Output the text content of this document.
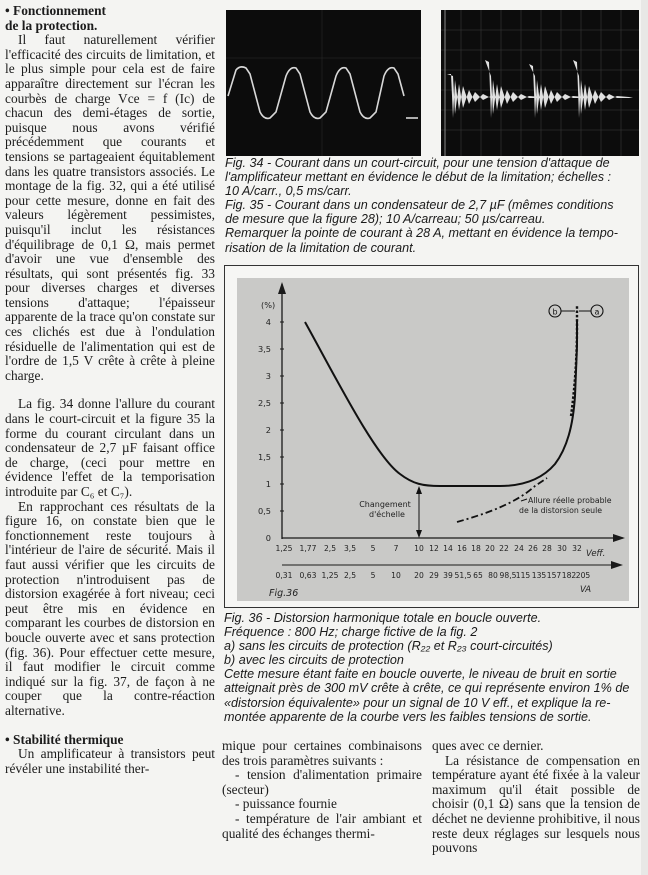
• Fonctionnement
de la protection.

Il faut naturellement vérifier l'efficacité des circuits de limitation, et le plus simple pour cela est de faire apparaître directement sur l'écran les courbès de charge Vce = f (Ic) de chacun des demi-étages de sortie, puisque nous avons vérifié précédemment que courants et tensions se partageaient équitablement dans les quatre transistors associés. Le montage de la fig. 32, qui a été utilisé pour cette mesure, donne en fait des valeurs légèrement pessimistes, puisqu'il inclut les résistances d'équilibrage de 0,1 Ω, mais permet d'avoir une vue d'ensemble des résultats, qui sont présentés fig. 33 pour diverses charges et diverses tensions d'attaque; l'épaisseur apparente de la trace qu'on constate sur ces clichés est due à l'ondulation résiduelle de l'alimentation qui est de l'ordre de 1,5 V crête à crête à pleine charge.

La fig. 34 donne l'allure du courant dans le court-circuit et la figure 35 la forme du courant circulant dans un condensateur de 2,7 µF faisant office de charge, (ceci pour mettre en évidence l'effet de la temporisation introduite par C₆ et C₇).

En rapprochant ces résultats de la figure 16, on constate bien que le fonctionnement reste toujours à l'intérieur de l'aire de sécurité. Mais il faut aussi vérifier que les circuits de protection n'introduisent pas de distorsion exagérée à fort niveau; ceci peut être mis en évidence en comparant les courbes de distorsion en boucle ouverte avec et sans protection (fig. 36). Pour effectuer cette mesure, il faut modifier le circuit comme indiqué sur la fig. 37, de façon à ne couper que la contre-réaction alternative.

• Stabilité thermique

Un amplificateur à transistors peut révéler une instabilité ther-

Fig. 34 - Courant dans un court-circuit, pour une tension d'attaque de
l'amplificateur mettant en évidence le début de la limitation; échelles :
10 A/carr., 0,5 ms/carr.
Fig. 35 - Courant dans un condensateur de 2,7 µF (mêmes conditions
de mesure que la figure 28); 10 A/carreau; 50 µs/carreau.
Remarquer la pointe de courant à 28 A, mettant en évidence la tempo-
risation de la limitation de courant.
(%)
0
0,5
1
1,5
2
2,5
3
3,5
4
1,25 1,77 2,5 3,5 5 7 10 12 14 16 18 20 22 24 26 28 30 32
Veff.
0,31 0,63 1,25 2,5 5 10 20 29 39 51,5 65 80 98,5 115 135 157 182 205
VA
Fig.36
Changement
d'échelle
Allure réelle probable
de la distorsion seule
b	a
Fig. 36 - Distorsion harmonique totale en boucle ouverte.
Fréquence : 800 Hz; charge fictive de la fig. 2
a) sans les circuits de protection (R₂₂ et R₂₃ court-circuités)
b) avec les circuits de protection
Cette mesure étant faite en boucle ouverte, le niveau de bruit en sortie
atteignait près de 300 mV crête à crête, ce qui représente environ 1% de
«distorsion équivalente» pour un signal de 10 V eff., et explique la re-
montée apparente de la courbe vers les faibles tensions de sortie.

mique pour certaines combinaisons des trois paramètres suivants :

- tension d'alimentation primaire (secteur)

- puissance fournie

- température de l'air ambiant et qualité des échanges thermi-

ques avec ce dernier.

La résistance de compensation en température ayant été fixée à la valeur maximum qu'il était possible de choisir (0,1 Ω) sans que la tension de déchet ne devienne prohibitive, il nous reste deux réglages sur lesquels nous pouvons
